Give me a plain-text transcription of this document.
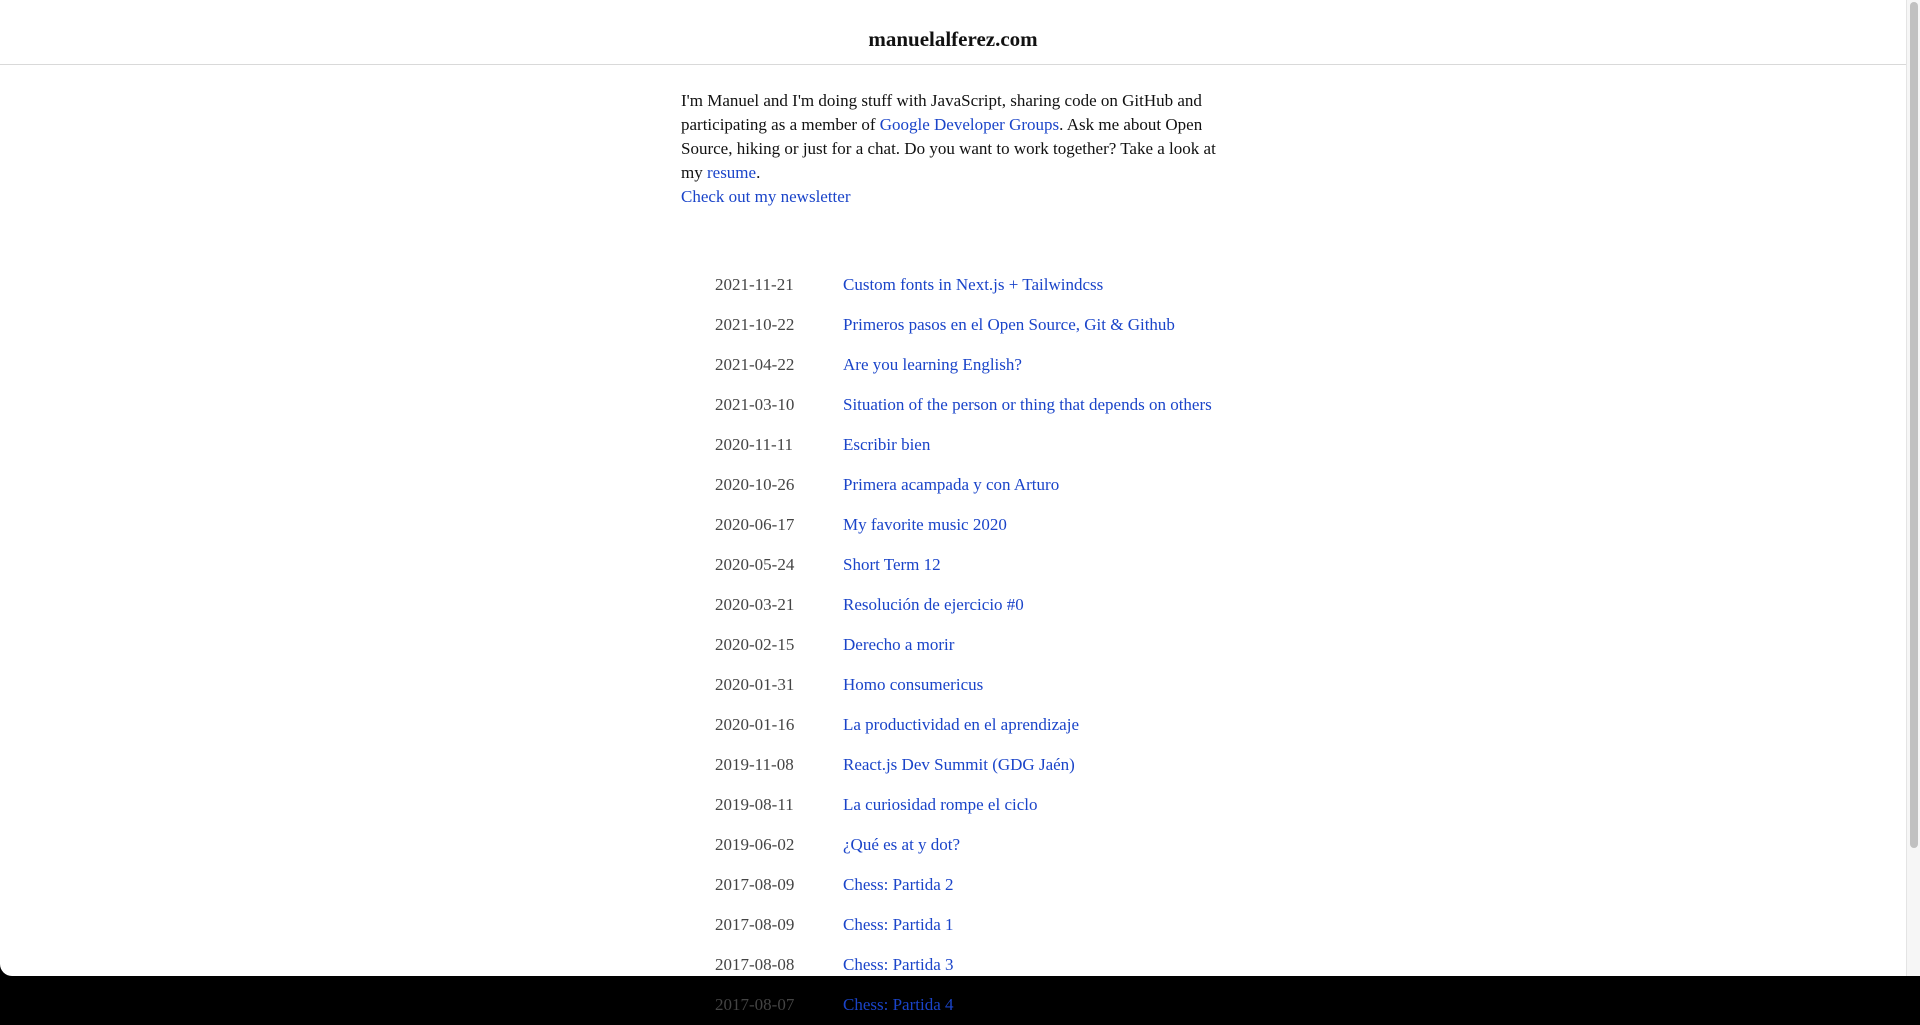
manuelalferez.com

I'm Manuel and I'm doing stuff with JavaScript, sharing code on GitHub and participating as a member of Google Developer Groups. Ask me about Open Source, hiking or just for a chat. Do you want to work together? Take a look at my resume.
Check out my newsletter

2021-11-21	Custom fonts in Next.js + Tailwindcss
2021-10-22	Primeros pasos en el Open Source, Git & Github
2021-04-22	Are you learning English?
2021-03-10	Situation of the person or thing that depends on others
2020-11-11	Escribir bien
2020-10-26	Primera acampada y con Arturo
2020-06-17	My favorite music 2020
2020-05-24	Short Term 12
2020-03-21	Resolución de ejercicio #0
2020-02-15	Derecho a morir
2020-01-31	Homo consumericus
2020-01-16	La productividad en el aprendizaje
2019-11-08	React.js Dev Summit (GDG Jaén)
2019-08-11	La curiosidad rompe el ciclo
2019-06-02	¿Qué es at y dot?
2017-08-09	Chess: Partida 2
2017-08-09	Chess: Partida 1
2017-08-08	Chess: Partida 3
2017-08-07	Chess: Partida 4
